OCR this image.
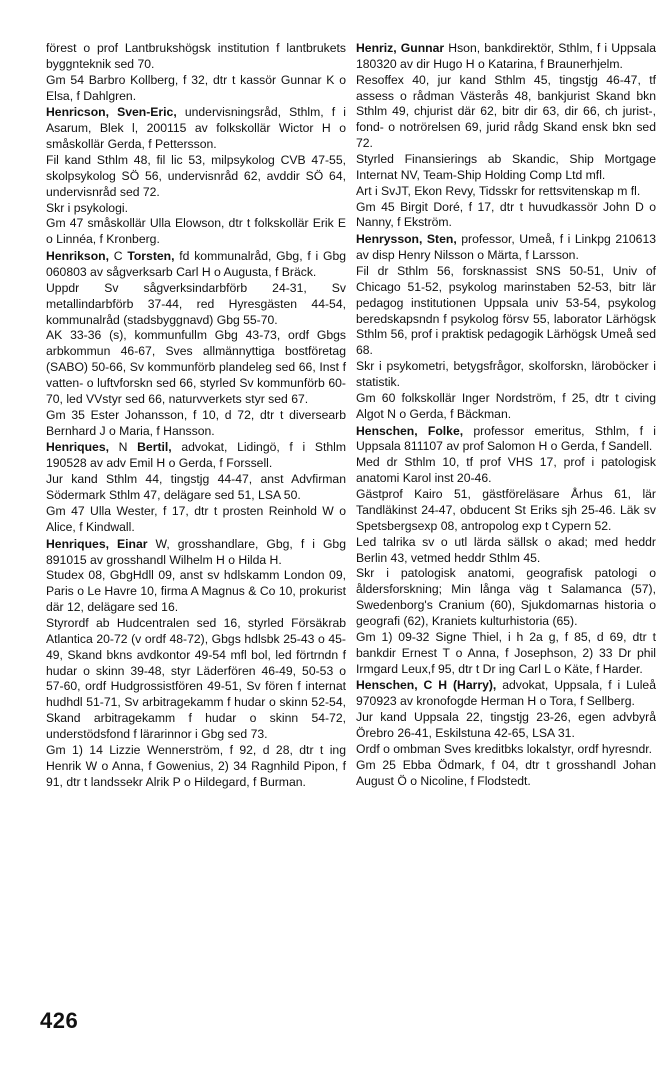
förest o prof Lantbrukshögsk institution f lantbrukets byggnteknik sed 70.
Gm 54 Barbro Kollberg, f 32, dtr t kassör Gunnar K o Elsa, f Dahlgren.

Henricson, Sven-Eric, undervisningsråd, Sthlm, f i Asarum, Blek l, 200115 av folkskollär Wictor H o småskollär Gerda, f Pettersson.
Fil kand Sthlm 48, fil lic 53, milpsykolog CVB 47-55, skolpsykolog SÖ 56, undervisnråd 62, avddir SÖ 64, undervisnråd sed 72.
Skr i psykologi.
Gm 47 småskollär Ulla Elowson, dtr t folkskollär Erik E o Linnéa, f Kronberg.

Henrikson, C Torsten, fd kommunalråd, Gbg, f i Gbg 060803 av sågverksarb Carl H o Augusta, f Bräck.
Uppdr Sv sågverksindarbförb 24-31, Sv metallindarbförb 37-44, red Hyresgästen 44-54, kommunalråd (stadsbyggnavd) Gbg 55-70.
AK 33-36 (s), kommunfullm Gbg 43-73, ordf Gbgs arbkommun 46-67, Sves allmännyttiga bostföretag (SABO) 50-66, Sv kommunförb plandeleg sed 66, Inst f vatten- o luftvforskn sed 66, styrled Sv kommunförb 60-70, led VVstyr sed 66, naturvverkets styr sed 67.
Gm 35 Ester Johansson, f 10, d 72, dtr t diversearb Bernhard J o Maria, f Hansson.

Henriques, N Bertil, advokat, Lidingö, f i Sthlm 190528 av adv Emil H o Gerda, f Forssell.
Jur kand Sthlm 44, tingstjg 44-47, anst Advfirman Södermark Sthlm 47, delägare sed 51, LSA 50.
Gm 47 Ulla Wester, f 17, dtr t prosten Reinhold W o Alice, f Kindwall.

Henriques, Einar W, grosshandlare, Gbg, f i Gbg 891015 av grosshandl Wilhelm H o Hilda H.
Studex 08, GbgHdll 09, anst sv hdlskamm London 09, Paris o Le Havre 10, firma A Magnus & Co 10, prokurist där 12, delägare sed 16.
Styrordf ab Hudcentralen sed 16, styrled Försäkrab Atlantica 20-72 (v ordf 48-72), Gbgs hdlsbk 25-43 o 45-49, Skand bkns avdkontor 49-54 mfl bol, led förtrndn f hudar o skinn 39-48, styr Läderfören 46-49, 50-53 o 57-60, ordf Hudgrossistfören 49-51, Sv fören f internat hudhdl 51-71, Sv arbitragekamm f hudar o skinn 52-54, Skand arbitragekamm f hudar o skinn 54-72, understödsfond f lärarinnor i Gbg sed 73.
Gm 1) 14 Lizzie Wennerström, f 92, d 28, dtr t ing Henrik W o Anna, f Gowenius, 2) 34 Ragnhild Pipon, f 91, dtr t landssekr Alrik P o Hildegard, f Burman.

Henriz, Gunnar Hson, bankdirektör, Sthlm, f i Uppsala 180320 av dir Hugo H o Katarina, f Braunerhjelm.
Resoffex 40, jur kand Sthlm 45, tingstjg 46-47, tf assess o rådman Västerås 48, bankjurist Skand bkn Sthlm 49, chjurist där 62, bitr dir 63, dir 66, ch jurist-, fond- o notrörelsen 69, jurid rådg Skand ensk bkn sed 72.
Styrled Finansierings ab Skandic, Ship Mortgage Internat NV, Team-Ship Holding Comp Ltd mfl.
Art i SvJT, Ekon Revy, Tidsskr for rettsvitenskap m fl.
Gm 45 Birgit Doré, f 17, dtr t huvudkassör John D o Nanny, f Ekström.

Henrysson, Sten, professor, Umeå, f i Linkpg 210613 av disp Henry Nilsson o Märta, f Larsson.
Fil dr Sthlm 56, forsknassist SNS 50-51, Univ of Chicago 51-52, psykolog marinstaben 52-53, bitr lär pedagog institutionen Uppsala univ 53-54, psykolog beredskapsndn f psykolog försv 55, laborator Lärhögsk Sthlm 56, prof i praktisk pedagogik Lärhögsk Umeå sed 68.
Skr i psykometri, betygsfrågor, skolforskn, läroböcker i statistik.
Gm 60 folkskollär Inger Nordström, f 25, dtr t civing Algot N o Gerda, f Bäckman.

Henschen, Folke, professor emeritus, Sthlm, f i Uppsala 811107 av prof Salomon H o Gerda, f Sandell.
Med dr Sthlm 10, tf prof VHS 17, prof i patologisk anatomi Karol inst 20-46.
Gästprof Kairo 51, gästföreläsare Århus 61, lär Tandläkinst 24-47, obducent St Eriks sjh 25-46. Läk sv Spetsbergsexp 08, antropolog exp t Cypern 52.
Led talrika sv o utl lärda sällsk o akad; med heddr Berlin 43, vetmed heddr Sthlm 45.
Skr i patologisk anatomi, geografisk patologi o åldersforskning; Min långa väg t Salamanca (57), Swedenborg's Cranium (60), Sjukdomarnas historia o geografi (62), Kraniets kulturhistoria (65).
Gm 1) 09-32 Signe Thiel, i h 2a g, f 85, d 69, dtr t bankdir Ernest T o Anna, f Josephson, 2) 33 Dr phil Irmgard Leux,f 95, dtr t Dr ing Carl L o Käte, f Harder.

Henschen, C H (Harry), advokat, Uppsala, f i Luleå 970923 av kronofogde Herman H o Tora, f Sellberg.
Jur kand Uppsala 22, tingstjg 23-26, egen advbyrå Örebro 26-41, Eskilstuna 42-65, LSA 31.
Ordf o ombman Sves kreditbks lokalstyr, ordf hyresndr.
Gm 25 Ebba Ödmark, f 04, dtr t grosshandl Johan August Ö o Nicoline, f Flodstedt.

426
